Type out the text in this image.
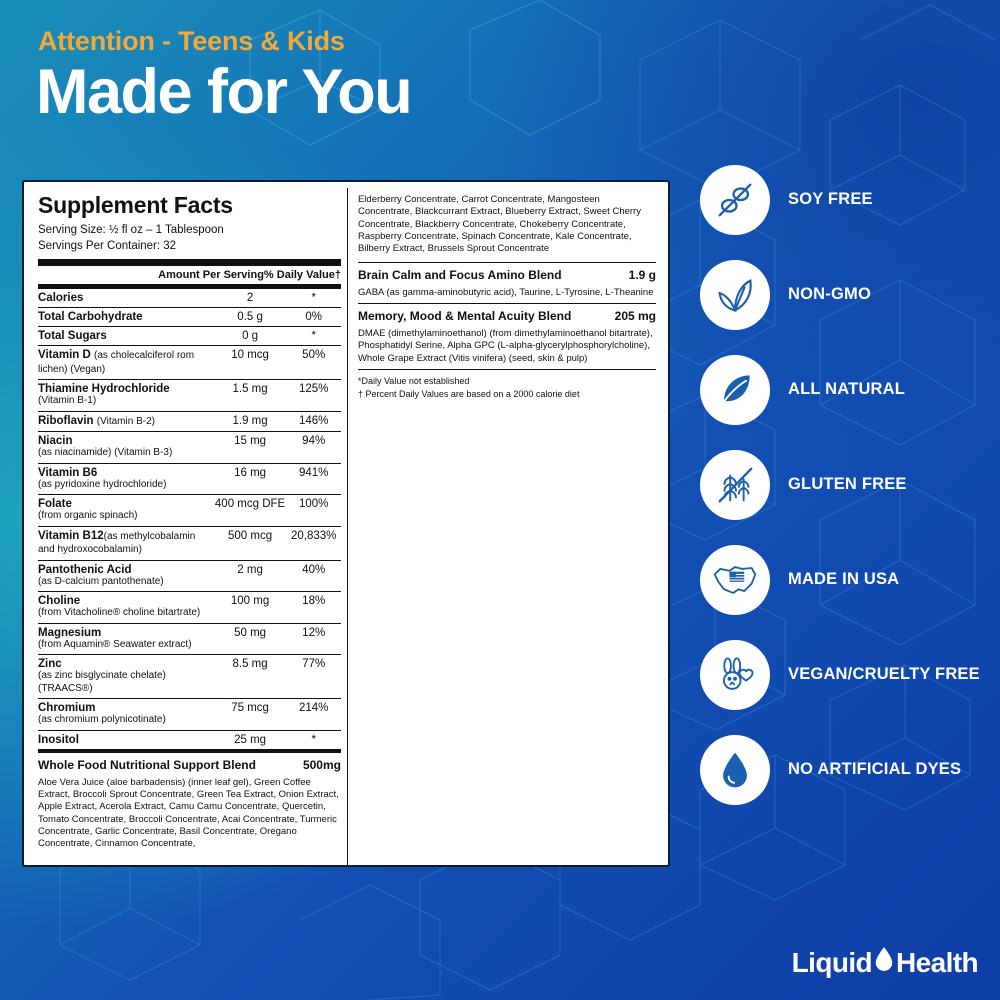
Attention - Teens & Kids
Made for You
Supplement Facts
Serving Size: ½ fl oz – 1 Tablespoon
Servings Per Container: 32
	Amount Per Serving	% Daily Value†
Calories	2	*
Total Carbohydrate	0.5 g	0%
Total Sugars	0 g	*
Vitamin D (as cholecalciferol rom lichen) (Vegan)	10 mcg	50%
Thiamine Hydrochloride
(Vitamin B-1)	1.5 mg	125%
Riboflavin (Vitamin B-2)	1.9 mg	146%
Niacin
(as niacinamide) (Vitamin B-3)	15 mg	94%
Vitamin B6
(as pyridoxine hydrochloride)	16 mg	941%
Folate
(from organic spinach)	400 mcg DFE	100%
Vitamin B12(as methylcobalamin and hydroxocobalamin)	500 mcg	20,833%
Pantothenic Acid
(as D-calcium pantothenate)	2 mg	40%
Choline
(from Vitacholine® choline bitartrate)	100 mg	18%
Magnesium
(from Aquamin® Seawater extract)	50 mg	12%
Zinc
(as zinc bisglycinate chelate) (TRAACS®)	8.5 mg	77%
Chromium
(as chromium polynicotinate)	75 mcg	214%
Inositol	25 mg	*
Whole Food Nutritional Support Blend	500mg
Aloe Vera Juice (aloe barbadensis) (inner leaf gel), Green Coffee Extract, Broccoli Sprout Concentrate, Green Tea Extract, Onion Extract, Apple Extract, Acerola Extract, Camu Camu Concentrate, Quercetin, Tomato Concentrate, Broccoli Concentrate, Acai Concentrate, Turmeric Concentrate, Garlic Concentrate, Basil Concentrate, Oregano Concentrate, Cinnamon Concentrate,
Elderberry Concentrate, Carrot Concentrate, Mangosteen Concentrate, Blackcurrant Extract, Blueberry Extract, Sweet Cherry Concentrate, Blackberry Concentrate, Chokeberry Concentrate, Raspberry Concentrate, Spinach Concentrate, Kale Concentrate, Bilberry Extract, Brussels Sprout Concentrate
Brain Calm and Focus Amino Blend	1.9 g
GABA (as gamma-aminobutyric acid), Taurine, L-Tyrosine, L-Theanine
Memory, Mood & Mental Acuity Blend	205 mg
DMAE (dimethylaminoethanol) (from dimethylaminoethanol bitartrate), Phosphatidyl Serine, Alpha GPC (L-alpha-glycerylphosphorylcholine), Whole Grape Extract (Vitis vinifera) (seed, skin & pulp)
*Daily Value not established
† Percent Daily Values are based on a 2000 calorie diet
SOY FREE
NON-GMO
ALL NATURAL
GLUTEN FREE
MADE IN USA
VEGAN/CRUELTY FREE
NO ARTIFICIAL DYES
Liquid Health
